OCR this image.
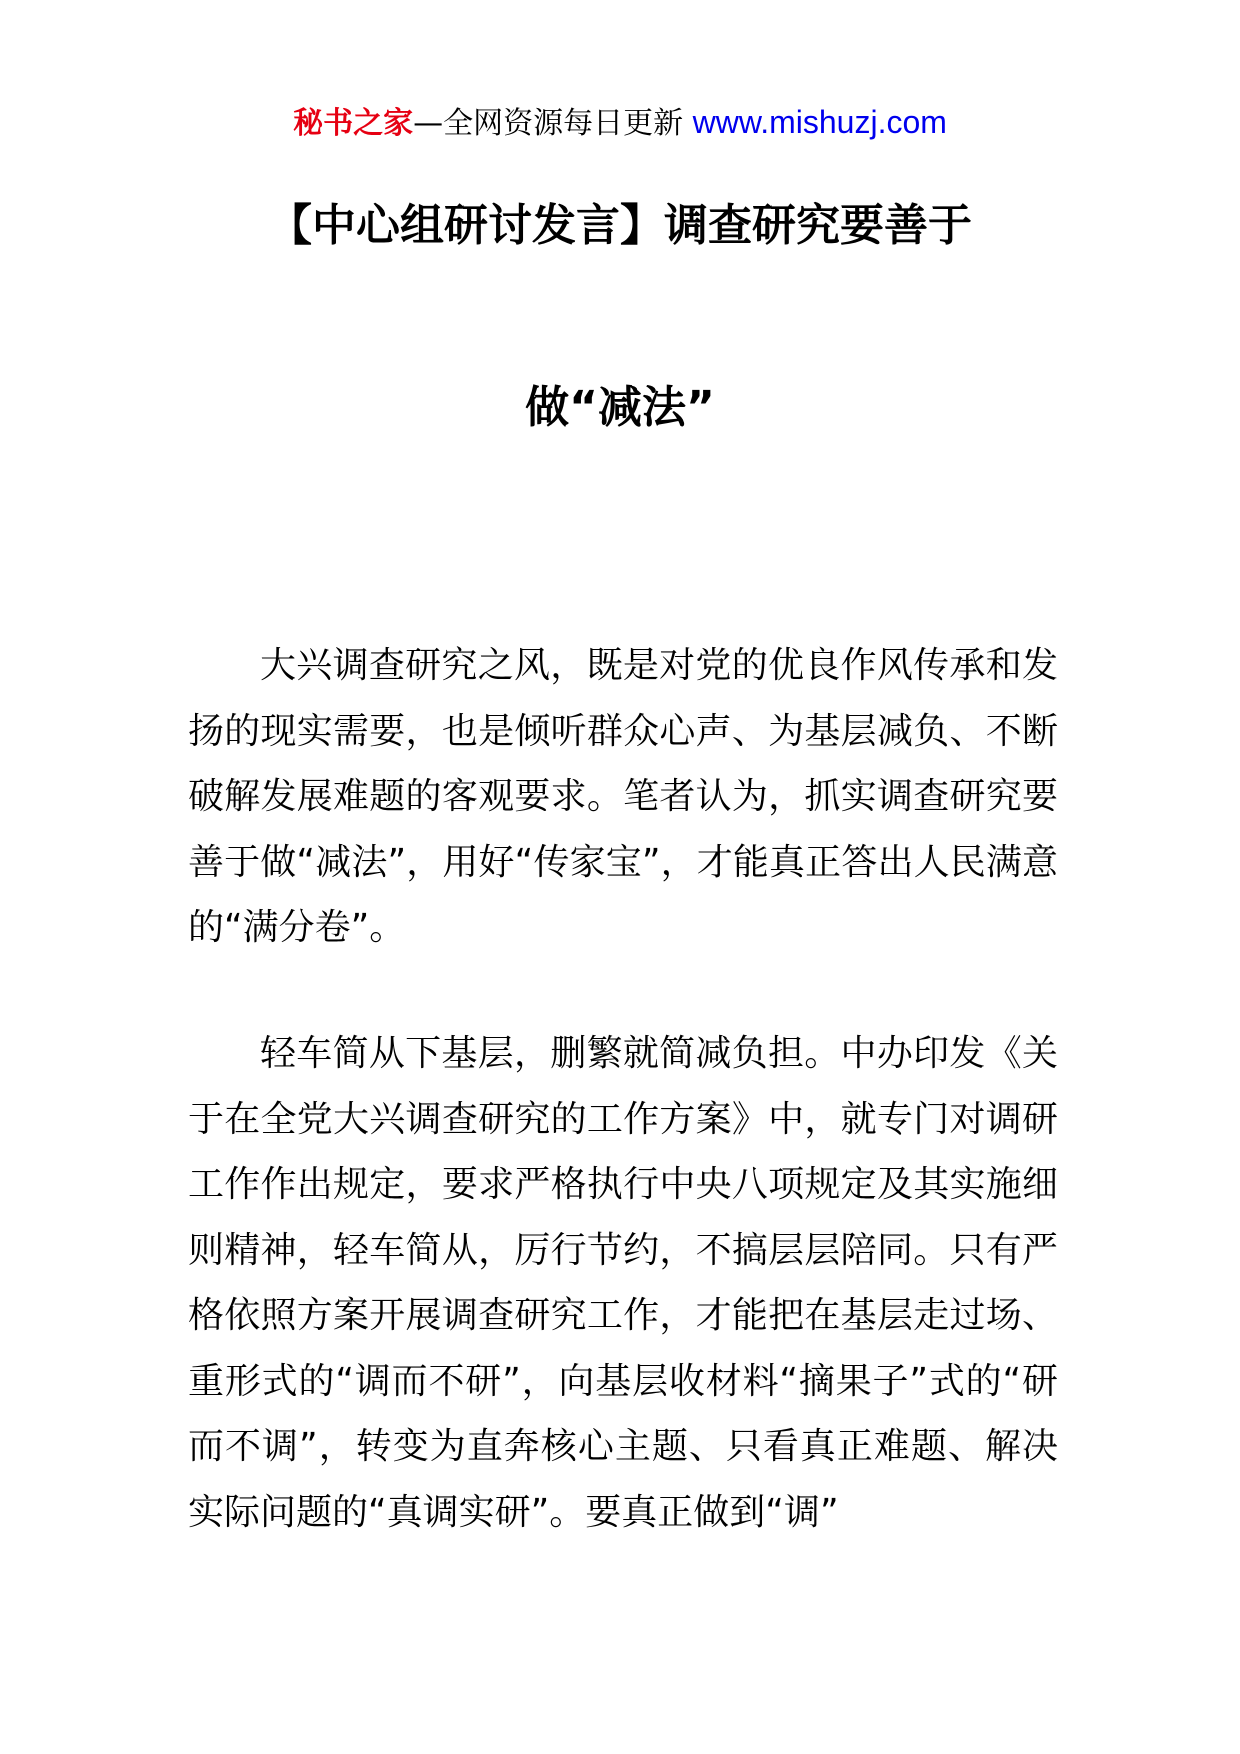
秘书之家—全网资源每日更新 www.mishuzj.com
【中心组研讨发言】调查研究要善于
做“减法”

大兴调查研究之风，既是对党的优良作风传承和发扬的现实需要，也是倾听群众心声、为基层减负、不断破解发展难题的客观要求。笔者认为，抓实调查研究要善于做“减法”，用好“传家宝”，才能真正答出人民满意的“满分卷”。

轻车简从下基层，删繁就简减负担。中办印发《关于在全党大兴调查研究的工作方案》中，就专门对调研工作作出规定，要求严格执行中央八项规定及其实施细则精神，轻车简从，厉行节约，不搞层层陪同。只有严格依照方案开展调查研究工作，才能把在基层走过场、重形式的“调而不研”，向基层收材料“摘果子”式的“研而不调”，转变为直奔核心主题、只看真正难题、解决实际问题的“真调实研”。要真正做到“调”
